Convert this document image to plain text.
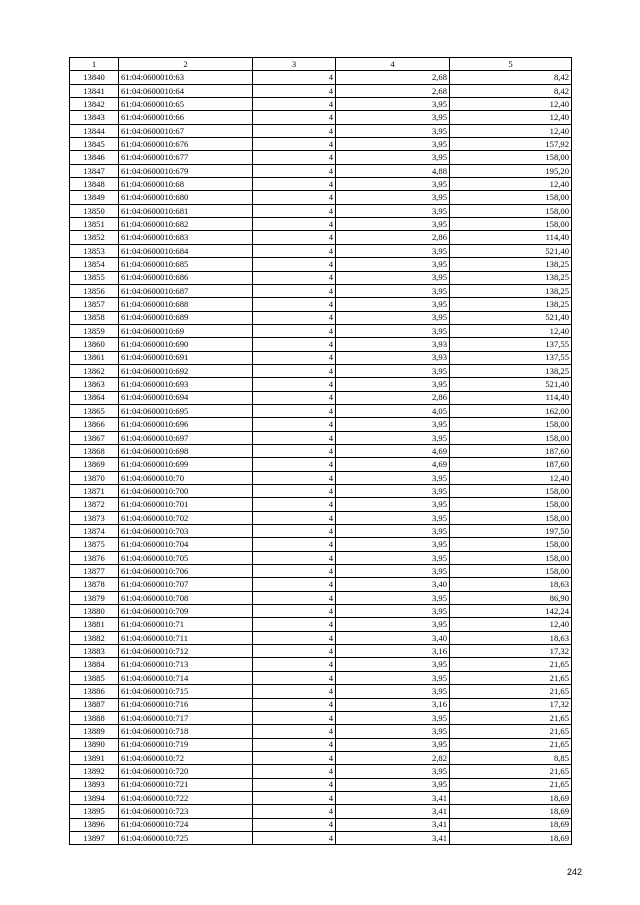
1	2	3	4	5
13840	61:04:0600010:63	4	2,68	8,42
13841	61:04:0600010:64	4	2,68	8,42
13842	61:04:0600010:65	4	3,95	12,40
13843	61:04:0600010:66	4	3,95	12,40
13844	61:04:0600010:67	4	3,95	12,40
13845	61:04:0600010:676	4	3,95	157,92
13846	61:04:0600010:677	4	3,95	158,00
13847	61:04:0600010:679	4	4,88	195,20
13848	61:04:0600010:68	4	3,95	12,40
13849	61:04:0600010:680	4	3,95	158,00
13850	61:04:0600010:681	4	3,95	158,00
13851	61:04:0600010:682	4	3,95	158,00
13852	61:04:0600010:683	4	2,86	114,40
13853	61:04:0600010:684	4	3,95	521,40
13854	61:04:0600010:685	4	3,95	138,25
13855	61:04:0600010:686	4	3,95	138,25
13856	61:04:0600010:687	4	3,95	138,25
13857	61:04:0600010:688	4	3,95	138,25
13858	61:04:0600010:689	4	3,95	521,40
13859	61:04:0600010:69	4	3,95	12,40
13860	61:04:0600010:690	4	3,93	137,55
13861	61:04:0600010:691	4	3,93	137,55
13862	61:04:0600010:692	4	3,95	138,25
13863	61:04:0600010:693	4	3,95	521,40
13864	61:04:0600010:694	4	2,86	114,40
13865	61:04:0600010:695	4	4,05	162,00
13866	61:04:0600010:696	4	3,95	158,00
13867	61:04:0600010:697	4	3,95	158,00
13868	61:04:0600010:698	4	4,69	187,60
13869	61:04:0600010:699	4	4,69	187,60
13870	61:04:0600010:70	4	3,95	12,40
13871	61:04:0600010:700	4	3,95	158,00
13872	61:04:0600010:701	4	3,95	158,00
13873	61:04:0600010:702	4	3,95	158,00
13874	61:04:0600010:703	4	3,95	197,50
13875	61:04:0600010:704	4	3,95	158,00
13876	61:04:0600010:705	4	3,95	158,00
13877	61:04:0600010:706	4	3,95	158,00
13878	61:04:0600010:707	4	3,40	18,63
13879	61:04:0600010:708	4	3,95	86,90
13880	61:04:0600010:709	4	3,95	142,24
13881	61:04:0600010:71	4	3,95	12,40
13882	61:04:0600010:711	4	3,40	18,63
13883	61:04:0600010:712	4	3,16	17,32
13884	61:04:0600010:713	4	3,95	21,65
13885	61:04:0600010:714	4	3,95	21,65
13886	61:04:0600010:715	4	3,95	21,65
13887	61:04:0600010:716	4	3,16	17,32
13888	61:04:0600010:717	4	3,95	21,65
13889	61:04:0600010:718	4	3,95	21,65
13890	61:04:0600010:719	4	3,95	21,65
13891	61:04:0600010:72	4	2,82	8,85
13892	61:04:0600010:720	4	3,95	21,65
13893	61:04:0600010:721	4	3,95	21,65
13894	61:04:0600010:722	4	3,41	18,69
13895	61:04:0600010:723	4	3,41	18,69
13896	61:04:0600010:724	4	3,41	18,69
13897	61:04:0600010:725	4	3,41	18,69
242
